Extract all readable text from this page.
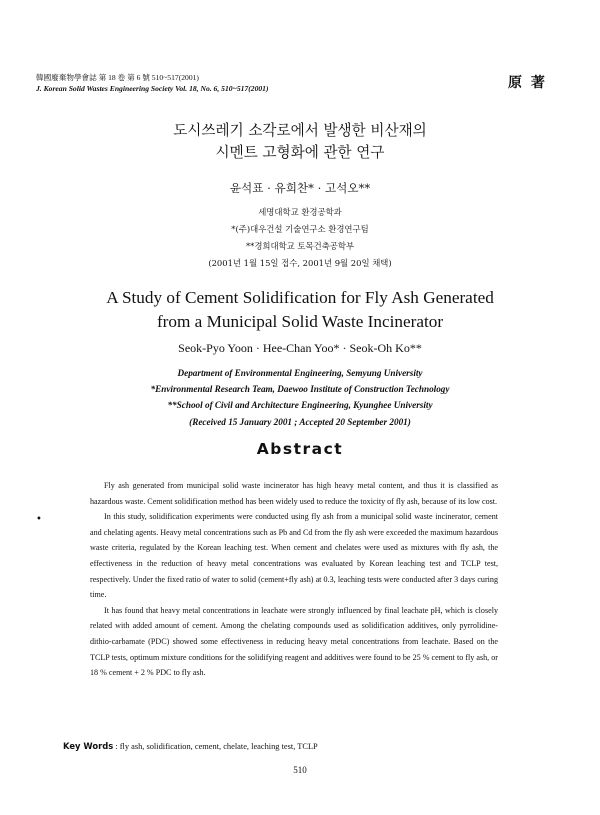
韓國廢棄物學會誌 第 18 卷 第 6 號 510~517(2001)
J. Korean Solid Wastes Engineering Society Vol. 18, No. 6, 510~517(2001)	原 著
도시쓰레기 소각로에서 발생한 비산재의
시멘트 고형화에 관한 연구
윤석표 · 유희찬* · 고석오**
세명대학교 환경공학과
*(주)대우건설 기술연구소 환경연구팀
**경희대학교 토목건축공학부
(2001년 1월 15일 접수, 2001년 9월 20일 채택)
A Study of Cement Solidification for Fly Ash Generated
from a Municipal Solid Waste Incinerator
Seok-Pyo Yoon · Hee-Chan Yoo* · Seok-Oh Ko**
Department of Environmental Engineering, Semyung University
*Environmental Research Team, Daewoo Institute of Construction Technology
**School of Civil and Architecture Engineering, Kyunghee University
(Received 15 January 2001 ; Accepted 20 September 2001)
Abstract
•

Fly ash generated from municipal solid waste incinerator has high heavy metal content, and thus it is classified as hazardous waste. Cement solidification method has been widely used to reduce the toxicity of fly ash, because of its low cost.

In this study, solidification experiments were conducted using fly ash from a municipal solid waste incinerator, cement and chelating agents. Heavy metal concentrations such as Pb and Cd from the fly ash were exceeded the maximum hazardous waste criteria, regulated by the Korean leaching test. When cement and chelates were used as mixtures with fly ash, the effectiveness in the reduction of heavy metal concentrations was evaluated by Korean leaching test and TCLP test, respectively. Under the fixed ratio of water to solid (cement+fly ash) at 0.3, leaching tests were conducted after 3 days curing time.

It has found that heavy metal concentrations in leachate were strongly influenced by final leachate pH, which is closely related with added amount of cement. Among the chelating compounds used as solidification additives, only pyrrolidine-dithio-carbamate (PDC) showed some effectiveness in reducing heavy metal concentrations from leachate. Based on the TCLP tests, optimum mixture conditions for the solidifying reagent and additives were found to be 25 % cement to fly ash, or 18 % cement + 2 % PDC to fly ash.

Key Words : fly ash, solidification, cement, chelate, leaching test, TCLP
510
